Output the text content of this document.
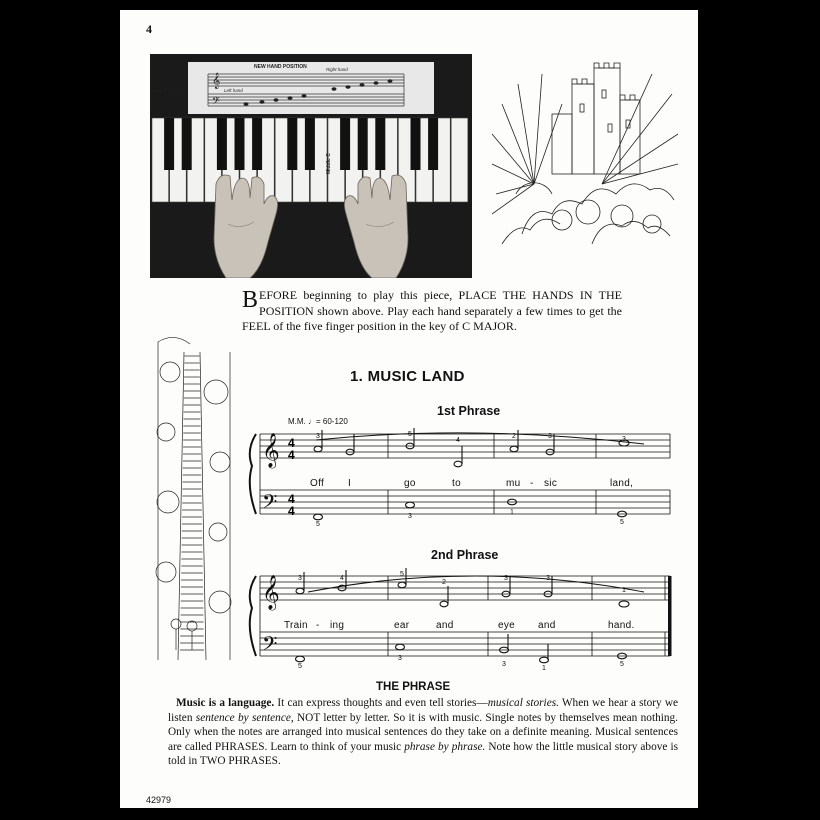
4
𝄞
𝄢
NEW HAND POSITION
Key of C major	Left hand
Right hand
Middle C
BEFORE beginning to play this piece, PLACE THE HANDS IN THE POSITION shown above. Play each hand separately a few times to get the FEEL of the five finger position in the key of C MAJOR.
1. MUSIC LAND
1st Phrase
2nd Phrase
M.M. ♩= 60-120
𝄞
𝄢
4
4
4
4
3	5
4
2	3	3
5
3
1
5
Off I	go	to	mu - sic	land,
𝄞
𝄢
3	4
5
2
3	3
1
5
3
3
1
5
Train - ing	ear	and	eye and	hand.
THE PHRASE
Music is a language. It can express thoughts and even tell stories—musical stories. When we hear a story we listen sentence by sentence, NOT letter by letter. So it is with music. Single notes by themselves mean nothing. Only when the notes are arranged into musical sentences do they take on a definite meaning. Musical sentences are called PHRASES. Learn to think of your music phrase by phrase. Note how the little musical story above is told in TWO PHRASES.
42979
